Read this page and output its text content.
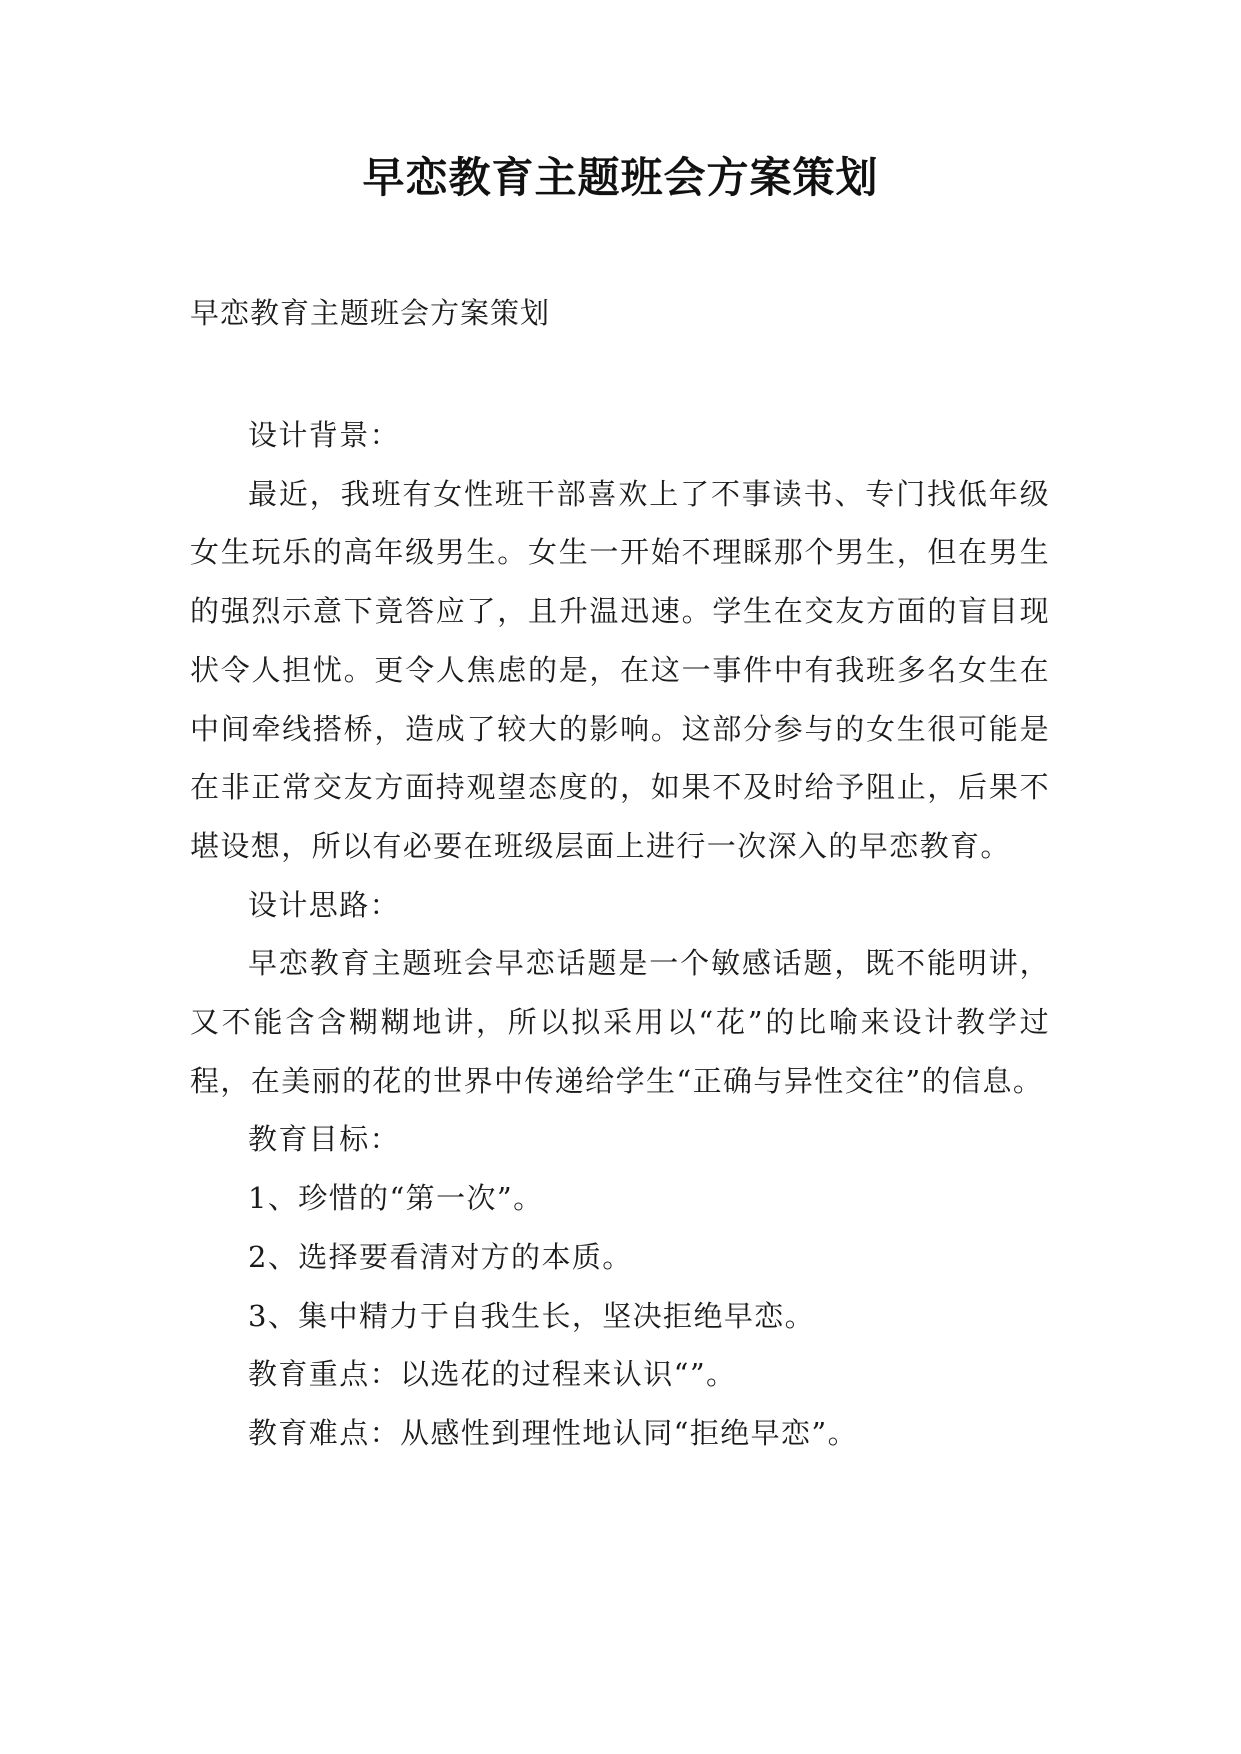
早恋教育主题班会方案策划

早恋教育主题班会方案策划

设计背景：

最近，我班有女性班干部喜欢上了不事读书、专门找低年级女生玩乐的高年级男生。女生一开始不理睬那个男生，但在男生的强烈示意下竟答应了，且升温迅速。学生在交友方面的盲目现状令人担忧。更令人焦虑的是，在这一事件中有我班多名女生在中间牵线搭桥，造成了较大的影响。这部分参与的女生很可能是在非正常交友方面持观望态度的，如果不及时给予阻止，后果不堪设想，所以有必要在班级层面上进行一次深入的早恋教育。

设计思路：

早恋教育主题班会早恋话题是一个敏感话题，既不能明讲，又不能含含糊糊地讲，所以拟采用以“花”的比喻来设计教学过程，在美丽的花的世界中传递给学生“正确与异性交往”的信息。

教育目标：

1、珍惜的“第一次”。

2、选择要看清对方的本质。

3、集中精力于自我生长，坚决拒绝早恋。

教育重点：以选花的过程来认识“”。

教育难点：从感性到理性地认同“拒绝早恋”。
